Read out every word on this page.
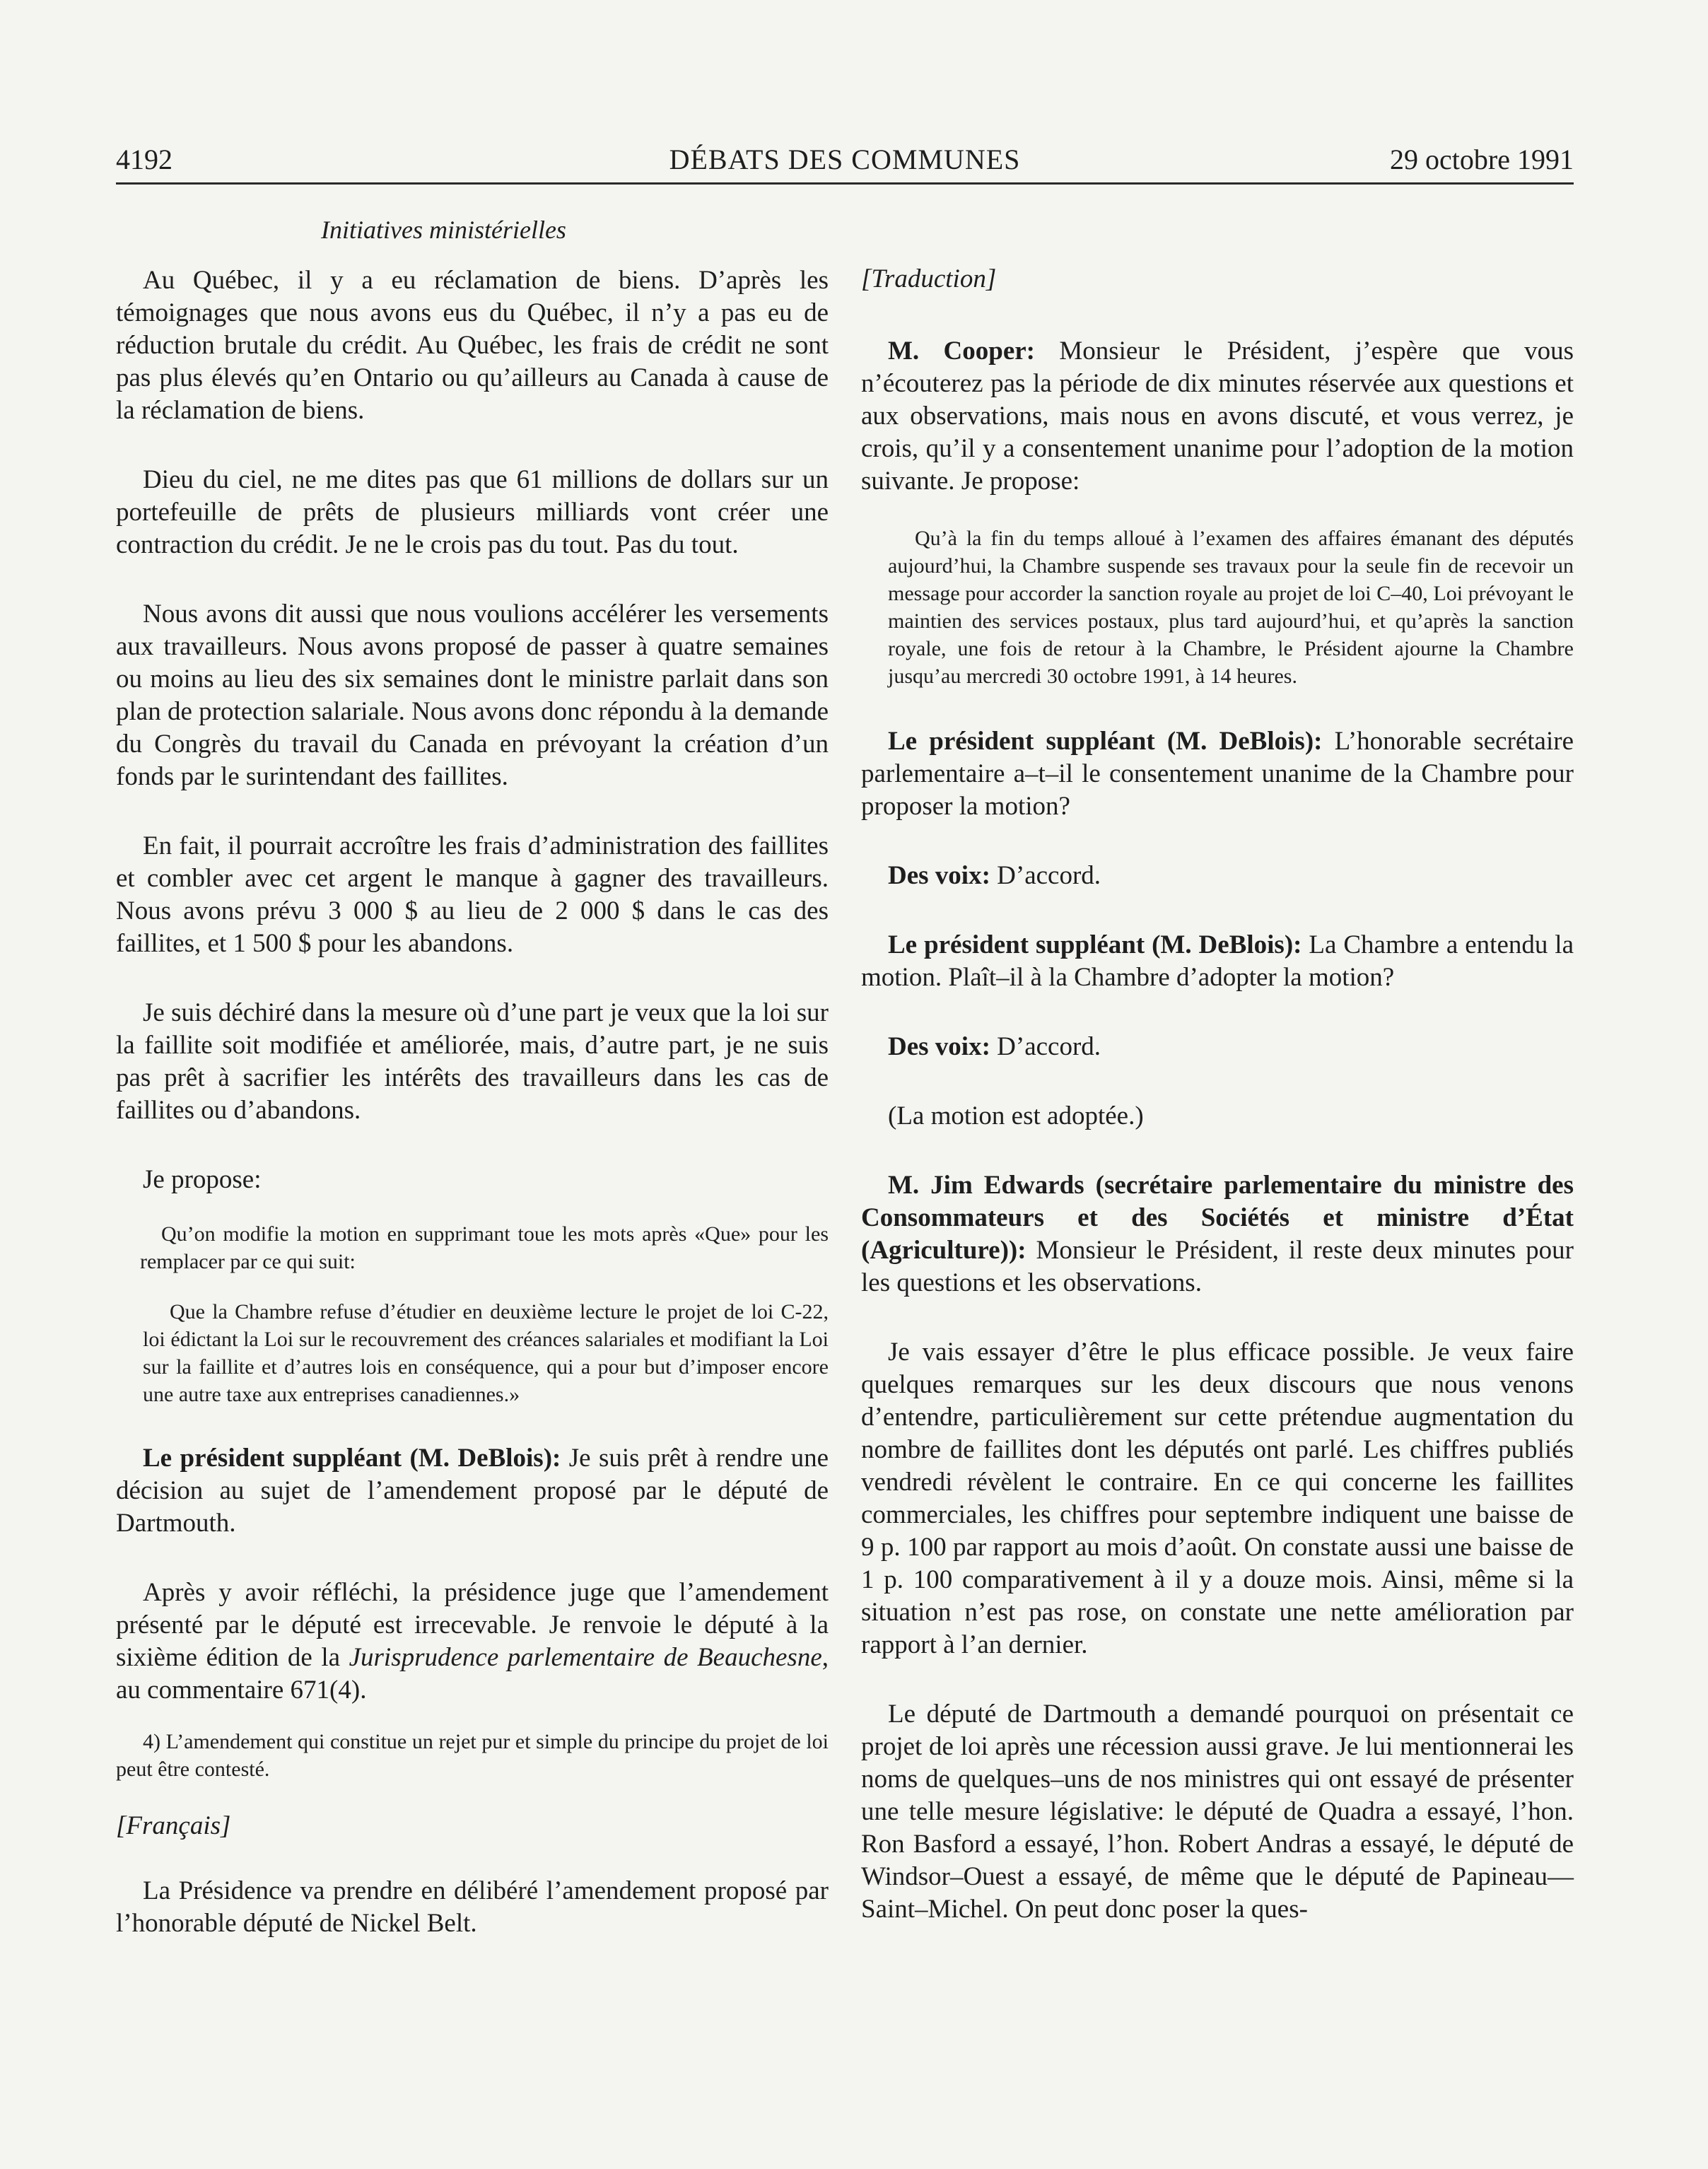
4192	DÉBATS DES COMMUNES	29 octobre 1991
Initiatives ministérielles

Au Québec, il y a eu réclamation de biens. D’après les témoignages que nous avons eus du Québec, il n’y a pas eu de réduction brutale du crédit. Au Québec, les frais de crédit ne sont pas plus élevés qu’en Ontario ou qu’ailleurs au Canada à cause de la réclamation de biens.

Dieu du ciel, ne me dites pas que 61 millions de dollars sur un portefeuille de prêts de plusieurs milliards vont créer une contraction du crédit. Je ne le crois pas du tout. Pas du tout.

Nous avons dit aussi que nous voulions accélérer les versements aux travailleurs. Nous avons proposé de passer à quatre semaines ou moins au lieu des six semaines dont le ministre parlait dans son plan de protection salariale. Nous avons donc répondu à la demande du Congrès du travail du Canada en prévoyant la création d’un fonds par le surintendant des faillites.

En fait, il pourrait accroître les frais d’administration des faillites et combler avec cet argent le manque à gagner des travailleurs. Nous avons prévu 3 000 $ au lieu de 2 000 $ dans le cas des faillites, et 1 500 $ pour les abandons.

Je suis déchiré dans la mesure où d’une part je veux que la loi sur la faillite soit modifiée et améliorée, mais, d’autre part, je ne suis pas prêt à sacrifier les intérêts des travailleurs dans les cas de faillites ou d’abandons.

Je propose:

Qu’on modifie la motion en supprimant toue les mots après «Que» pour les remplacer par ce qui suit:

Que la Chambre refuse d’étudier en deuxième lecture le projet de loi C-22, loi édictant la Loi sur le recouvrement des créances salariales et modifiant la Loi sur la faillite et d’autres lois en conséquence, qui a pour but d’imposer encore une autre taxe aux entreprises canadiennes.»

Le président suppléant (M. DeBlois): Je suis prêt à rendre une décision au sujet de l’amendement proposé par le député de Dartmouth.

Après y avoir réfléchi, la présidence juge que l’amendement présenté par le député est irrecevable. Je renvoie le député à la sixième édition de la Jurisprudence parlementaire de Beauchesne, au commentaire 671(4).

4) L’amendement qui constitue un rejet pur et simple du principe du projet de loi peut être contesté.

[Français]

La Présidence va prendre en délibéré l’amendement proposé par l’honorable député de Nickel Belt.

[Traduction]

M. Cooper: Monsieur le Président, j’espère que vous n’écouterez pas la période de dix minutes réservée aux questions et aux observations, mais nous en avons discuté, et vous verrez, je crois, qu’il y a consentement unanime pour l’adoption de la motion suivante. Je propose:

Qu’à la fin du temps alloué à l’examen des affaires émanant des députés aujourd’hui, la Chambre suspende ses travaux pour la seule fin de recevoir un message pour accorder la sanction royale au projet de loi C–40, Loi prévoyant le maintien des services postaux, plus tard aujourd’hui, et qu’après la sanction royale, une fois de retour à la Chambre, le Président ajourne la Chambre jusqu’au mercredi 30 octobre 1991, à 14 heures.

Le président suppléant (M. DeBlois): L’honorable secrétaire parlementaire a–t–il le consentement unanime de la Chambre pour proposer la motion?

Des voix: D’accord.

Le président suppléant (M. DeBlois): La Chambre a entendu la motion. Plaît–il à la Chambre d’adopter la motion?

Des voix: D’accord.

(La motion est adoptée.)

M. Jim Edwards (secrétaire parlementaire du ministre des Consommateurs et des Sociétés et ministre d’État (Agriculture)): Monsieur le Président, il reste deux minutes pour les questions et les observations.

Je vais essayer d’être le plus efficace possible. Je veux faire quelques remarques sur les deux discours que nous venons d’entendre, particulièrement sur cette prétendue augmentation du nombre de faillites dont les députés ont parlé. Les chiffres publiés vendredi révèlent le contraire. En ce qui concerne les faillites commerciales, les chiffres pour septembre indiquent une baisse de 9 p. 100 par rapport au mois d’août. On constate aussi une baisse de 1 p. 100 comparativement à il y a douze mois. Ainsi, même si la situation n’est pas rose, on constate une nette amélioration par rapport à l’an dernier.

Le député de Dartmouth a demandé pourquoi on présentait ce projet de loi après une récession aussi grave. Je lui mentionnerai les noms de quelques–uns de nos ministres qui ont essayé de présenter une telle mesure législative: le député de Quadra a essayé, l’hon. Ron Basford a essayé, l’hon. Robert Andras a essayé, le député de Windsor–Ouest a essayé, de même que le député de Papineau—Saint–Michel. On peut donc poser la ques-
